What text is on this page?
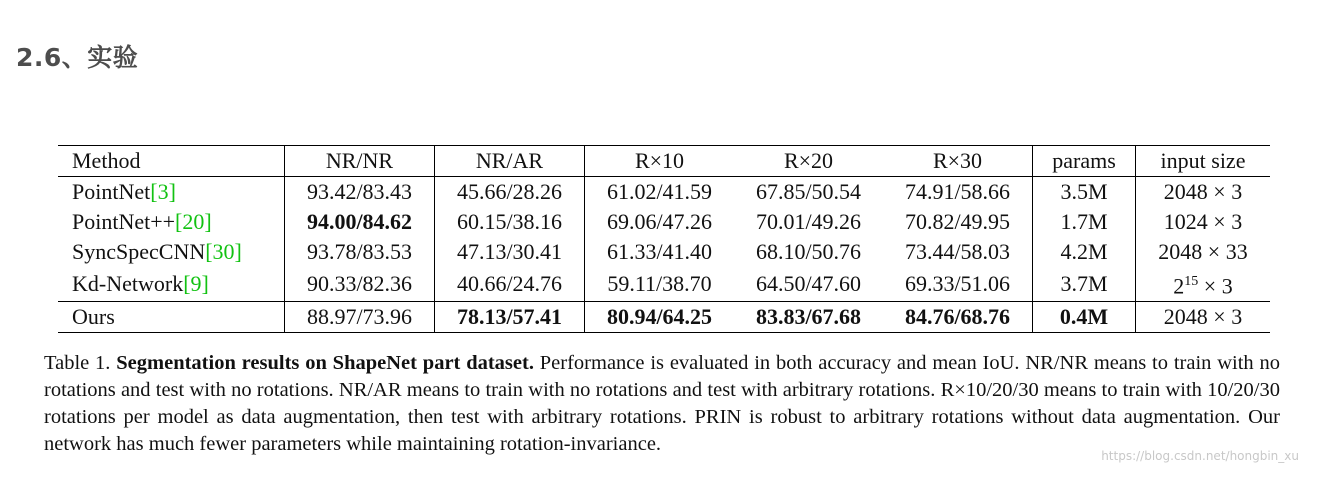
2.6、实验
Method	NR/NR	NR/AR	R×10	R×20	R×30	params	input size
PointNet[3]	93.42/83.43	45.66/28.26	61.02/41.59	67.85/50.54	74.91/58.66	3.5M	2048 × 3
PointNet++[20]	94.00/84.62	60.15/38.16	69.06/47.26	70.01/49.26	70.82/49.95	1.7M	1024 × 3
SyncSpecCNN[30]	93.78/83.53	47.13/30.41	61.33/41.40	68.10/50.76	73.44/58.03	4.2M	2048 × 33
Kd-Network[9]	90.33/82.36	40.66/24.76	59.11/38.70	64.50/47.60	69.33/51.06	3.7M	$2^{15} \times 3$
Ours	88.97/73.96	78.13/57.41	80.94/64.25	83.83/67.68	84.76/68.76	0.4M	2048 × 3
Table 1. Segmentation results on ShapeNet part dataset. Performance is evaluated in both accuracy and mean IoU. NR/NR means to train with no rotations and test with no rotations. NR/AR means to train with no rotations and test with arbitrary rotations. R×10/20/30 means to train with 10/20/30 rotations per model as data augmentation, then test with arbitrary rotations. PRIN is robust to arbitrary rotations without data augmentation. Our network has much fewer parameters while maintaining rotation-invariance.
https://blog.csdn.net/hongbin_xu
